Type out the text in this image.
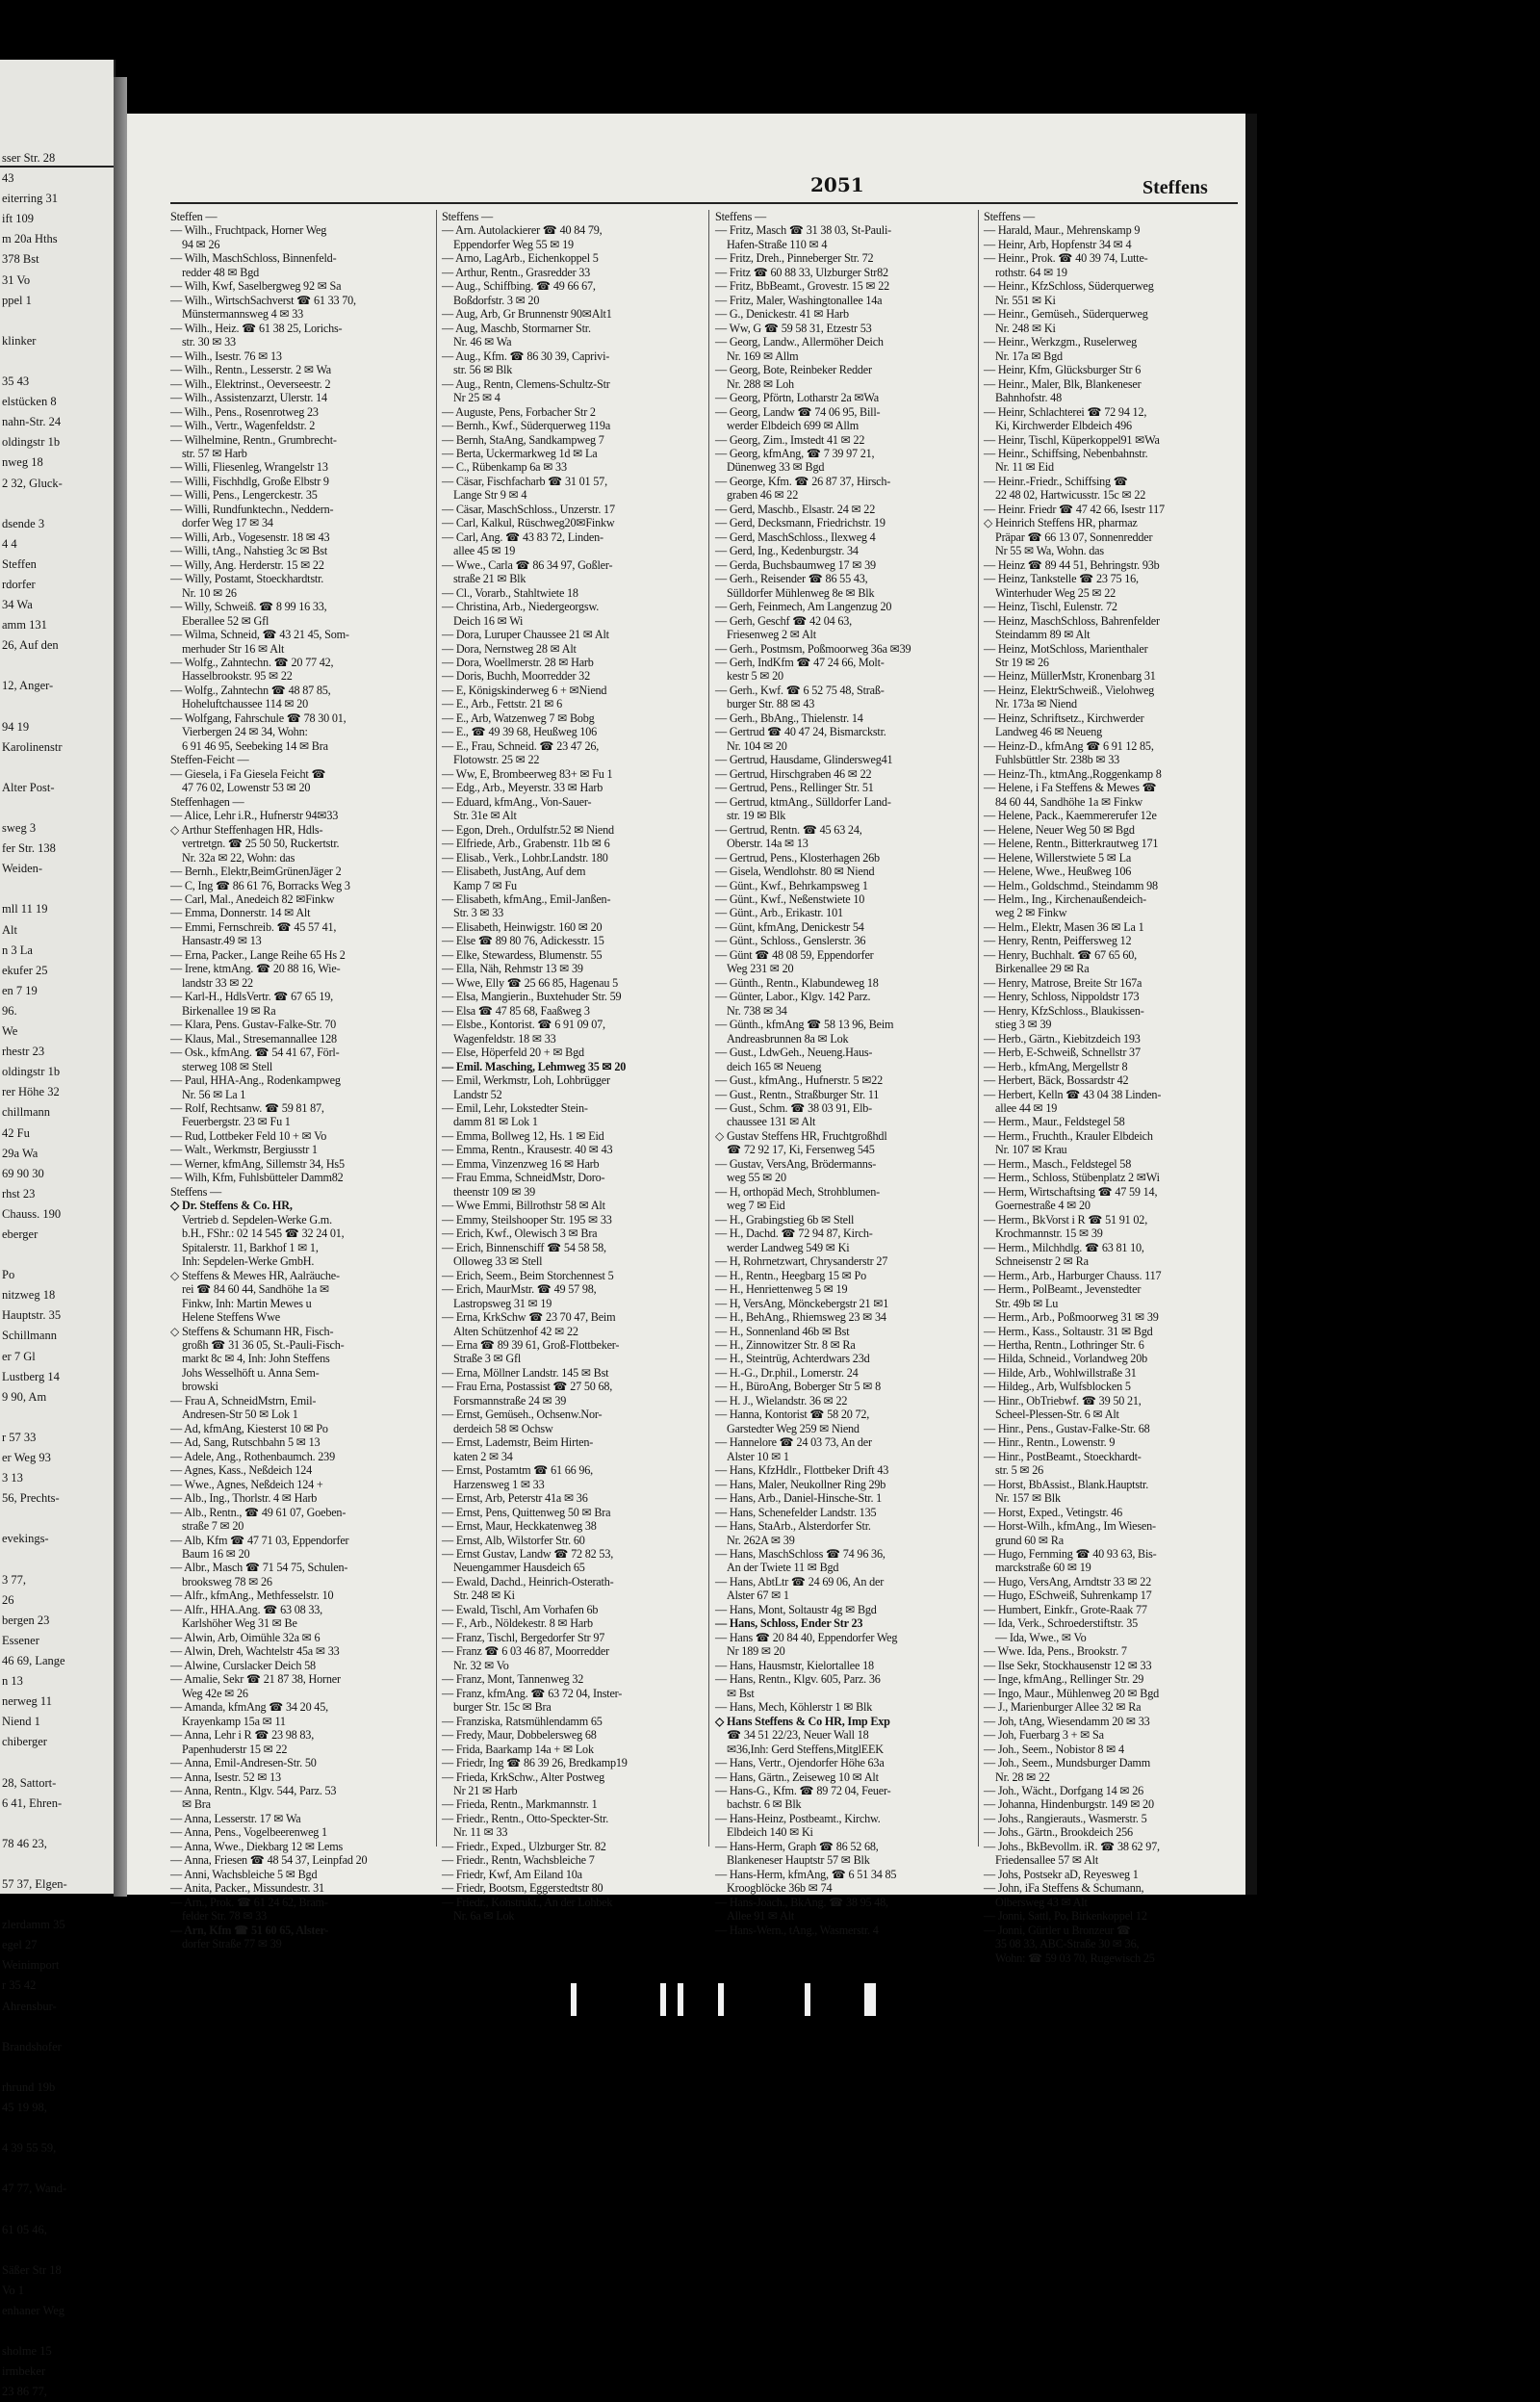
sser Str. 28
43
eiterring 31
ift 109
m 20a Hths
378 Bst
31 Vo
ppel 1

klinker

35 43
elstücken 8
nahn-Str. 24
oldingstr 1b
nweg 18
2 32, Gluck-

dsende 3
4 4
Steffen
rdorfer
34 Wa
amm 131
26, Auf den

12, Anger-

94 19
Karolinenstr

Alter Post-

sweg 3
fer Str. 138
Weiden-

mll 11 19
Alt
n 3 La
ekufer 25
en 7 19
96.
We
rhestr 23
oldingstr 1b
rer Höhe 32
chillmann
42 Fu
29a Wa
69 90 30
rhst 23
Chauss. 190
eberger

Po
nitzweg 18
Hauptstr. 35
Schillmann
er 7 Gl
Lustberg 14
9 90, Am

r 57 33
er Weg 93
3 13
56, Prechts-

evekings-

3 77,
26
bergen 23
Essener
46 69, Lange
n 13
nerweg 11
Niend 1
chiberger

28, Sattort-
6 41, Ehren-

78 46 23,

57 37, Elgen-

zlerdamm 35
egel 27
Weinimport
r 35 42
Ahrensbur-

Brandshofer

rhrund 19b
45 19 98,

4 39 55 59,

47 77, Wand-

61 05 46,

Säßer Str 18
Vo 1
enhaner Weg

sholme 15
irmbeker
23 86 77,
2051	Steffens
Steffen —
— Wilh., Fruchtpack, Horner Weg
94 ✉ 26
— Wilh, MaschSchloss, Binnenfeld-
redder 48 ✉ Bgd
— Wilh, Kwf, Saselbergweg 92 ✉ Sa
— Wilh., WirtschSachverst ☎ 61 33 70,
Münstermannsweg 4 ✉ 33
— Wilh., Heiz. ☎ 61 38 25, Lorichs-
str. 30 ✉ 33
— Wilh., Isestr. 76 ✉ 13
— Wilh., Rentn., Lesserstr. 2 ✉ Wa
— Wilh., Elektrinst., Oeverseestr. 2
— Wilh., Assistenzarzt, Ulerstr. 14
— Wilh., Pens., Rosenrotweg 23
— Wilh., Vertr., Wagenfeldstr. 2
— Wilhelmine, Rentn., Grumbrecht-
str. 57 ✉ Harb
— Willi, Fliesenleg, Wrangelstr 13
— Willi, Fischhdlg, Große Elbstr 9
— Willi, Pens., Lengerckestr. 35
— Willi, Rundfunktechn., Neddern-
dorfer Weg 17 ✉ 34
— Willi, Arb., Vogesenstr. 18 ✉ 43
— Willi, tAng., Nahstieg 3c ✉ Bst
— Willy, Ang. Herderstr. 15 ✉ 22
— Willy, Postamt, Stoeckhardtstr.
Nr. 10 ✉ 26
— Willy, Schweiß. ☎ 8 99 16 33,
Eberallee 52 ✉ Gfl
— Wilma, Schneid, ☎ 43 21 45, Som-
merhuder Str 16 ✉ Alt
— Wolfg., Zahntechn. ☎ 20 77 42,
Hasselbrookstr. 95 ✉ 22
— Wolfg., Zahntechn ☎ 48 87 85,
Hoheluftchaussee 114 ✉ 20
— Wolfgang, Fahrschule ☎ 78 30 01,
Vierbergen 24 ✉ 34, Wohn:
6 91 46 95, Seebeking 14 ✉ Bra
Steffen-Feicht —
— Giesela, i Fa Giesela Feicht ☎
47 76 02, Lowenstr 53 ✉ 20
Steffenhagen —
— Alice, Lehr i.R., Hufnerstr 94✉33
◇ Arthur Steffenhagen HR, Hdls-
vertretgn. ☎ 25 50 50, Ruckertstr.
Nr. 32a ✉ 22, Wohn: das
— Bernh., Elektr,BeimGrünenJäger 2
— C, Ing ☎ 86 61 76, Borracks Weg 3
— Carl, Mal., Anedeich 82 ✉Finkw
— Emma, Donnerstr. 14 ✉ Alt
— Emmi, Fernschreib. ☎ 45 57 41,
Hansastr.49 ✉ 13
— Erna, Packer., Lange Reihe 65 Hs 2
— Irene, ktmAng. ☎ 20 88 16, Wie-
landstr 33 ✉ 22
— Karl-H., HdlsVertr. ☎ 67 65 19,
Birkenallee 19 ✉ Ra
— Klara, Pens. Gustav-Falke-Str. 70
— Klaus, Mal., Stresemannallee 128
— Osk., kfmAng. ☎ 54 41 67, Förl-
sterweg 108 ✉ Stell
— Paul, HHA-Ang., Rodenkampweg
Nr. 56 ✉ La 1
— Rolf, Rechtsanw. ☎ 59 81 87,
Feuerbergstr. 23 ✉ Fu 1
— Rud, Lottbeker Feld 10 + ✉ Vo
— Walt., Werkmstr, Bergiusstr 1
— Werner, kfmAng, Sillemstr 34, Hs5
— Wilh, Kfm, Fuhlsbütteler Damm82
Steffens —
◇ Dr. Steffens & Co. HR,
Vertrieb d. Sepdelen-Werke G.m.
b.H., FShr.: 02 14 545 ☎ 32 24 01,
Spitalerstr. 11, Barkhof 1 ✉ 1,
Inh: Sepdelen-Werke GmbH.
◇ Steffens & Mewes HR, Aalräuche-
rei ☎ 84 60 44, Sandhöhe 1a ✉
Finkw, Inh: Martin Mewes u
Helene Steffens Wwe
◇ Steffens & Schumann HR, Fisch-
großh ☎ 31 36 05, St.-Pauli-Fisch-
markt 8c ✉ 4, Inh: John Steffens
Johs Wesselhöft u. Anna Sem-
browski
— Frau A, SchneidMstrn, Emil-
Andresen-Str 50 ✉ Lok 1
— Ad, kfmAng, Kiesterst 10 ✉ Po
— Ad, Sang, Rutschbahn 5 ✉ 13
— Adele, Ang., Rothenbaumch. 239
— Agnes, Kass., Neßdeich 124
— Wwe., Agnes, Neßdeich 124 +
— Alb., Ing., Thorlstr. 4 ✉ Harb
— Alb., Rentn., ☎ 49 61 07, Goeben-
straße 7 ✉ 20
— Alb, Kfm ☎ 47 71 03, Eppendorfer
Baum 16 ✉ 20
— Albr., Masch ☎ 71 54 75, Schulen-
brooksweg 78 ✉ 26
— Alfr., kfmAng., Methfesselstr. 10
— Alfr., HHA.Ang. ☎ 63 08 33,
Karlshöher Weg 31 ✉ Be
— Alwin, Arb, Oimühle 32a ✉ 6
— Alwin, Dreh, Wachtelstr 45a ✉ 33
— Alwine, Curslacker Deich 58
— Amalie, Sekr ☎ 21 87 38, Horner
Weg 42e ✉ 26
— Amanda, kfmAng ☎ 34 20 45,
Krayenkamp 15a ✉ 11
— Anna, Lehr i R ☎ 23 98 83,
Papenhuderstr 15 ✉ 22
— Anna, Emil-Andresen-Str. 50
— Anna, Isestr. 52 ✉ 13
— Anna, Rentn., Klgv. 544, Parz. 53
✉ Bra
— Anna, Lesserstr. 17 ✉ Wa
— Anna, Pens., Vogelbeerenweg 1
— Anna, Wwe., Diekbarg 12 ✉ Lems
— Anna, Friesen ☎ 48 54 37, Leinpfad 20
— Anni, Wachsbleiche 5 ✉ Bgd
— Anita, Packer., Missundestr. 31
— Arn., Prok. ☎ 61 24 62, Bram-
felder Str. 78 ✉ 33
— Arn, Kfm ☎ 51 60 65, Alster-
dorfer Straße 77 ✉ 39
Steffens —
— Arn. Autolackierer ☎ 40 84 79,
Eppendorfer Weg 55 ✉ 19
— Arno, LagArb., Eichenkoppel 5
— Arthur, Rentn., Grasredder 33
— Aug., Schiffbing. ☎ 49 66 67,
Boßdorfstr. 3 ✉ 20
— Aug, Arb, Gr Brunnenstr 90✉Alt1
— Aug, Maschb, Stormarner Str.
Nr. 46 ✉ Wa
— Aug., Kfm. ☎ 86 30 39, Caprivi-
str. 56 ✉ Blk
— Aug., Rentn, Clemens-Schultz-Str
Nr 25 ✉ 4
— Auguste, Pens, Forbacher Str 2
— Bernh., Kwf., Süderquerweg 119a
— Bernh, StaAng, Sandkampweg 7
— Berta, Uckermarkweg 1d ✉ La
— C., Rübenkamp 6a ✉ 33
— Cäsar, Fischfacharb ☎ 31 01 57,
Lange Str 9 ✉ 4
— Cäsar, MaschSchloss., Unzerstr. 17
— Carl, Kalkul, Rüschweg20✉Finkw
— Carl, Ang. ☎ 43 83 72, Linden-
allee 45 ✉ 19
— Wwe., Carla ☎ 86 34 97, Goßler-
straße 21 ✉ Blk
— Cl., Vorarb., Stahltwiete 18
— Christina, Arb., Niedergeorgsw.
Deich 16 ✉ Wi
— Dora, Luruper Chaussee 21 ✉ Alt
— Dora, Nernstweg 28 ✉ Alt
— Dora, Woellmerstr. 28 ✉ Harb
— Doris, Buchh, Moorredder 32
— E, Königskinderweg 6 + ✉Niend
— E., Arb., Fettstr. 21 ✉ 6
— E., Arb, Watzenweg 7 ✉ Bobg
— E., ☎ 49 39 68, Heußweg 106
— E., Frau, Schneid. ☎ 23 47 26,
Flotowstr. 25 ✉ 22
— Ww, E, Brombeerweg 83+ ✉ Fu 1
— Edg., Arb., Meyerstr. 33 ✉ Harb
— Eduard, kfmAng., Von-Sauer-
Str. 31e ✉ Alt
— Egon, Dreh., Ordulfstr.52 ✉ Niend
— Elfriede, Arb., Grabenstr. 11b ✉ 6
— Elisab., Verk., Lohbr.Landstr. 180
— Elisabeth, JustAng, Auf dem
Kamp 7 ✉ Fu
— Elisabeth, kfmAng., Emil-Janßen-
Str. 3 ✉ 33
— Elisabeth, Heinwigstr. 160 ✉ 20
— Else ☎ 89 80 76, Adickesstr. 15
— Elke, Stewardess, Blumenstr. 55
— Ella, Näh, Rehmstr 13 ✉ 39
— Wwe, Elly ☎ 25 66 85, Hagenau 5
— Elsa, Mangierin., Buxtehuder Str. 59
— Elsa ☎ 47 85 68, Faaßweg 3
— Elsbe., Kontorist. ☎ 6 91 09 07,
Wagenfeldstr. 18 ✉ 33
— Else, Höperfeld 20 + ✉ Bgd
— Emil. Masching, Lehmweg 35 ✉ 20
— Emil, Werkmstr, Loh, Lohbrügger
Landstr 52
— Emil, Lehr, Lokstedter Stein-
damm 81 ✉ Lok 1
— Emma, Bollweg 12, Hs. 1 ✉ Eid
— Emma, Rentn., Krausestr. 40 ✉ 43
— Emma, Vinzenzweg 16 ✉ Harb
— Frau Emma, SchneidMstr, Doro-
theenstr 109 ✉ 39
— Wwe Emmi, Billrothstr 58 ✉ Alt
— Emmy, Steilshooper Str. 195 ✉ 33
— Erich, Kwf., Olewisch 3 ✉ Bra
— Erich, Binnenschiff ☎ 54 58 58,
Olloweg 33 ✉ Stell
— Erich, Seem., Beim Storchennest 5
— Erich, MaurMstr. ☎ 49 57 98,
Lastropsweg 31 ✉ 19
— Erna, KrkSchw ☎ 23 70 47, Beim
Alten Schützenhof 42 ✉ 22
— Erna ☎ 89 39 61, Groß-Flottbeker-
Straße 3 ✉ Gfl
— Erna, Möllner Landstr. 145 ✉ Bst
— Frau Erna, Postassist ☎ 27 50 68,
Forsmannstraße 24 ✉ 39
— Ernst, Gemüseh., Ochsenw.Nor-
derdeich 58 ✉ Ochsw
— Ernst, Lademstr, Beim Hirten-
katen 2 ✉ 34
— Ernst, Postamtm ☎ 61 66 96,
Harzensweg 1 ✉ 33
— Ernst, Arb, Peterstr 41a ✉ 36
— Ernst, Pens, Quittenweg 50 ✉ Bra
— Ernst, Maur, Heckkatenweg 38
— Ernst, Alb, Wilstorfer Str. 60
— Ernst Gustav, Landw ☎ 72 82 53,
Neuengammer Hausdeich 65
— Ewald, Dachd., Heinrich-Osterath-
Str. 248 ✉ Ki
— Ewald, Tischl, Am Vorhafen 6b
— F., Arb., Nöldekestr. 8 ✉ Harb
— Franz, Tischl, Bergedorfer Str 97
— Franz ☎ 6 03 46 87, Moorredder
Nr. 32 ✉ Vo
— Franz, Mont, Tannenweg 32
— Franz, kfmAng. ☎ 63 72 04, Inster-
burger Str. 15c ✉ Bra
— Franziska, Ratsmühlendamm 65
— Fredy, Maur, Dobbelersweg 68
— Frida, Baarkamp 14a + ✉ Lok
— Friedr, Ing ☎ 86 39 26, Bredkamp19
— Frieda, KrkSchw., Alter Postweg
Nr 21 ✉ Harb
— Frieda, Rentn., Markmannstr. 1
— Friedr., Rentn., Otto-Speckter-Str.
Nr. 11 ✉ 33
— Friedr., Exped., Ulzburger Str. 82
— Friedr., Rentn, Wachsbleiche 7
— Friedr, Kwf, Am Eiland 10a
— Friedr, Bootsm, Eggerstedtstr 80
— Friedr., Konstrukt., An der Lohbek
Nr. 6a ✉ Lok
Steffens —
— Fritz, Masch ☎ 31 38 03, St-Pauli-
Hafen-Straße 110 ✉ 4
— Fritz, Dreh., Pinneberger Str. 72
— Fritz ☎ 60 88 33, Ulzburger Str82
— Fritz, BbBeamt., Grovestr. 15 ✉ 22
— Fritz, Maler, Washingtonallee 14a
— G., Denickestr. 41 ✉ Harb
— Ww, G ☎ 59 58 31, Etzestr 53
— Georg, Landw., Allermöher Deich
Nr. 169 ✉ Allm
— Georg, Bote, Reinbeker Redder
Nr. 288 ✉ Loh
— Georg, Pförtn, Lotharstr 2a ✉Wa
— Georg, Landw ☎ 74 06 95, Bill-
werder Elbdeich 699 ✉ Allm
— Georg, Zim., Imstedt 41 ✉ 22
— Georg, kfmAng, ☎ 7 39 97 21,
Dünenweg 33 ✉ Bgd
— George, Kfm. ☎ 26 87 37, Hirsch-
graben 46 ✉ 22
— Gerd, Maschb., Elsastr. 24 ✉ 22
— Gerd, Decksmann, Friedrichstr. 19
— Gerd, MaschSchloss., Ilexweg 4
— Gerd, Ing., Kedenburgstr. 34
— Gerda, Buchsbaumweg 17 ✉ 39
— Gerh., Reisender ☎ 86 55 43,
Sülldorfer Mühlenweg 8e ✉ Blk
— Gerh, Feinmech, Am Langenzug 20
— Gerh, Geschf ☎ 42 04 63,
Friesenweg 2 ✉ Alt
— Gerh., Postmsm, Poßmoorweg 36a ✉39
— Gerh, IndKfm ☎ 47 24 66, Molt-
kestr 5 ✉ 20
— Gerh., Kwf. ☎ 6 52 75 48, Straß-
burger Str. 88 ✉ 43
— Gerh., BbAng., Thielenstr. 14
— Gertrud ☎ 40 47 24, Bismarckstr.
Nr. 104 ✉ 20
— Gertrud, Hausdame, Glindersweg41
— Gertrud, Hirschgraben 46 ✉ 22
— Gertrud, Pens., Rellinger Str. 51
— Gertrud, ktmAng., Sülldorfer Land-
str. 19 ✉ Blk
— Gertrud, Rentn. ☎ 45 63 24,
Oberstr. 14a ✉ 13
— Gertrud, Pens., Klosterhagen 26b
— Gisela, Wendlohstr. 80 ✉ Niend
— Günt., Kwf., Behrkampsweg 1
— Günt., Kwf., Neßenstwiete 10
— Günt., Arb., Erikastr. 101
— Günt, kfmAng, Denickestr 54
— Günt., Schloss., Genslerstr. 36
— Günt ☎ 48 08 59, Eppendorfer
Weg 231 ✉ 20
— Günth., Rentn., Klabundeweg 18
— Günter, Labor., Klgv. 142 Parz.
Nr. 738 ✉ 34
— Günth., kfmAng ☎ 58 13 96, Beim
Andreasbrunnen 8a ✉ Lok
— Gust., LdwGeh., Neueng.Haus-
deich 165 ✉ Neueng
— Gust., kfmAng., Hufnerstr. 5 ✉22
— Gust., Rentn., Straßburger Str. 11
— Gust., Schm. ☎ 38 03 91, Elb-
chaussee 131 ✉ Alt
◇ Gustav Steffens HR, Fruchtgroßhdl
☎ 72 92 17, Ki, Fersenweg 545
— Gustav, VersAng, Brödermanns-
weg 55 ✉ 20
— H, orthopäd Mech, Strohblumen-
weg 7 ✉ Eid
— H., Grabingstieg 6b ✉ Stell
— H., Dachd. ☎ 72 94 87, Kirch-
werder Landweg 549 ✉ Ki
— H, Rohrnetzwart, Chrysanderstr 27
— H., Rentn., Heegbarg 15 ✉ Po
— H., Henriettenweg 5 ✉ 19
— H, VersAng, Mönckebergstr 21 ✉1
— H., BehAng., Rhiemsweg 23 ✉ 34
— H., Sonnenland 46b ✉ Bst
— H., Zinnowitzer Str. 8 ✉ Ra
— H., Steintrüg, Achterdwars 23d
— H.-G., Dr.phil., Lomerstr. 24
— H., BüroAng, Boberger Str 5 ✉ 8
— H. J., Wielandstr. 36 ✉ 22
— Hanna, Kontorist ☎ 58 20 72,
Garstedter Weg 259 ✉ Niend
— Hannelore ☎ 24 03 73, An der
Alster 10 ✉ 1
— Hans, KfzHdlr., Flottbeker Drift 43
— Hans, Maler, Neukollner Ring 29b
— Hans, Arb., Daniel-Hinsche-Str. 1
— Hans, Schenefelder Landstr. 135
— Hans, StaArb., Alsterdorfer Str.
Nr. 262A ✉ 39
— Hans, MaschSchloss ☎ 74 96 36,
An der Twiete 11 ✉ Bgd
— Hans, AbtLtr ☎ 24 69 06, An der
Alster 67 ✉ 1
— Hans, Mont, Soltaustr 4g ✉ Bgd
— Hans, Schloss, Ender Str 23
— Hans ☎ 20 84 40, Eppendorfer Weg
Nr 189 ✉ 20
— Hans, Hausmstr, Kielortallee 18
— Hans, Rentn., Klgv. 605, Parz. 36
✉ Bst
— Hans, Mech, Köhlerstr 1 ✉ Blk
◇ Hans Steffens & Co HR, Imp Exp
☎ 34 51 22/23, Neuer Wall 18
✉36,Inh: Gerd Steffens,MitglEEK
— Hans, Vertr., Ojendorfer Höhe 63a
— Hans, Gärtn., Zeiseweg 10 ✉ Alt
— Hans-G., Kfm. ☎ 89 72 04, Feuer-
bachstr. 6 ✉ Blk
— Hans-Heinz, Postbeamt., Kirchw.
Elbdeich 140 ✉ Ki
— Hans-Herm, Graph ☎ 86 52 68,
Blankeneser Hauptstr 57 ✉ Blk
— Hans-Herm, kfmAng, ☎ 6 51 34 85
Kroogblöcke 36b ✉ 74
— Hans-Joach., BkAng. ☎ 38 95 48,
Allee 91 ✉ Alt
— Hans-Wern., tAng., Wasmerstr. 4
Steffens —
— Harald, Maur., Mehrenskamp 9
— Heinr, Arb, Hopfenstr 34 ✉ 4
— Heinr., Prok. ☎ 40 39 74, Lutte-
rothstr. 64 ✉ 19
— Heinr., KfzSchloss, Süderquerweg
Nr. 551 ✉ Ki
— Heinr., Gemüseh., Süderquerweg
Nr. 248 ✉ Ki
— Heinr., Werkzgm., Ruselerweg
Nr. 17a ✉ Bgd
— Heinr, Kfm, Glücksburger Str 6
— Heinr., Maler, Blk, Blankeneser
Bahnhofstr. 48
— Heinr, Schlachterei ☎ 72 94 12,
Ki, Kirchwerder Elbdeich 496
— Heinr, Tischl, Küperkoppel91 ✉Wa
— Heinr., Schiffsing, Nebenbahnstr.
Nr. 11 ✉ Eid
— Heinr.-Friedr., Schiffsing ☎
22 48 02, Hartwicusstr. 15c ✉ 22
— Heinr. Friedr ☎ 47 42 66, Isestr 117
◇ Heinrich Steffens HR, pharmaz
Präpar ☎ 66 13 07, Sonnenredder
Nr 55 ✉ Wa, Wohn. das
— Heinz ☎ 89 44 51, Behringstr. 93b
— Heinz, Tankstelle ☎ 23 75 16,
Winterhuder Weg 25 ✉ 22
— Heinz, Tischl, Eulenstr. 72
— Heinz, MaschSchloss, Bahrenfelder
Steindamm 89 ✉ Alt
— Heinz, MotSchloss, Marienthaler
Str 19 ✉ 26
— Heinz, MüllerMstr, Kronenbarg 31
— Heinz, ElektrSchweiß., Vielohweg
Nr. 173a ✉ Niend
— Heinz, Schriftsetz., Kirchwerder
Landweg 46 ✉ Neueng
— Heinz-D., kfmAng ☎ 6 91 12 85,
Fuhlsbüttler Str. 238b ✉ 33
— Heinz-Th., ktmAng.,Roggenkamp 8
— Helene, i Fa Steffens & Mewes ☎
84 60 44, Sandhöhe 1a ✉ Finkw
— Helene, Pack., Kaemmererufer 12e
— Helene, Neuer Weg 50 ✉ Bgd
— Helene, Rentn., Bitterkrautweg 171
— Helene, Willerstwiete 5 ✉ La
— Helene, Wwe., Heußweg 106
— Helm., Goldschmd., Steindamm 98
— Helm., Ing., Kirchenaußendeich-
weg 2 ✉ Finkw
— Helm., Elektr, Masen 36 ✉ La 1
— Henry, Rentn, Peiffersweg 12
— Henry, Buchhalt. ☎ 67 65 60,
Birkenallee 29 ✉ Ra
— Henry, Matrose, Breite Str 167a
— Henry, Schloss, Nippoldstr 173
— Henry, KfzSchloss., Blaukissen-
stieg 3 ✉ 39
— Herb., Gärtn., Kiebitzdeich 193
— Herb, E-Schweiß, Schnellstr 37
— Herb., kfmAng, Mergellstr 8
— Herbert, Bäck, Bossardstr 42
— Herbert, Kelln ☎ 43 04 38 Linden-
allee 44 ✉ 19
— Herm., Maur., Feldstegel 58
— Herm., Fruchth., Krauler Elbdeich
Nr. 107 ✉ Krau
— Herm., Masch., Feldstegel 58
— Herm., Schloss, Stübenplatz 2 ✉Wi
— Herm, Wirtschaftsing ☎ 47 59 14,
Goernestraße 4 ✉ 20
— Herm., BkVorst i R ☎ 51 91 02,
Krochmannstr. 15 ✉ 39
— Herm., Milchhdlg. ☎ 63 81 10,
Schneisenstr 2 ✉ Ra
— Herm., Arb., Harburger Chauss. 117
— Herm., PolBeamt., Jevenstedter
Str. 49b ✉ Lu
— Herm., Arb., Poßmoorweg 31 ✉ 39
— Herm., Kass., Soltaustr. 31 ✉ Bgd
— Hertha, Rentn., Lothringer Str. 6
— Hilda, Schneid., Vorlandweg 20b
— Hilde, Arb., Wohlwillstraße 31
— Hildeg., Arb, Wulfsblocken 5
— Hinr., ObTriebwf. ☎ 39 50 21,
Scheel-Plessen-Str. 6 ✉ Alt
— Hinr., Pens., Gustav-Falke-Str. 68
— Hinr., Rentn., Lowenstr. 9
— Hinr., PostBeamt., Stoeckhardt-
str. 5 ✉ 26
— Horst, BbAssist., Blank.Hauptstr.
Nr. 157 ✉ Blk
— Horst, Exped., Vetingstr. 46
— Horst-Wilh., kfmAng., Im Wiesen-
grund 60 ✉ Ra
— Hugo, Fernming ☎ 40 93 63, Bis-
marckstraße 60 ✉ 19
— Hugo, VersAng, Arndtstr 33 ✉ 22
— Hugo, ESchweiß, Suhrenkamp 17
— Humbert, Einkfr., Grote-Raak 77
— Ida, Verk., Schroederstiftstr. 35
— Ida, Wwe., ✉ Vo
— Wwe. Ida, Pens., Brookstr. 7
— Ilse Sekr, Stockhausenstr 12 ✉ 33
— Inge, kfmAng., Rellinger Str. 29
— Ingo, Maur., Mühlenweg 20 ✉ Bgd
— J., Marienburger Allee 32 ✉ Ra
— Joh, tAng, Wiesendamm 20 ✉ 33
— Joh, Fuerbarg 3 + ✉ Sa
— Joh., Seem., Nobistor 8 ✉ 4
— Joh., Seem., Mundsburger Damm
Nr. 28 ✉ 22
— Joh., Wächt., Dorfgang 14 ✉ 26
— Johanna, Hindenburgstr. 149 ✉ 20
— Johs., Rangierauts., Wasmerstr. 5
— Johs., Gärtn., Brookdeich 256
— Johs., BkBevollm. iR. ☎ 38 62 97,
Friedensallee 57 ✉ Alt
— Johs, Postsekr aD, Reyesweg 1
— John, iFa Steffens & Schumann,
Olbersweg 43 ✉ Alt
— Jonni, Sattl, Po, Birkenkoppel 12
— Jonni, Gürtler u Bronzeur ☎
35 08 33, ABC-Straße 30 ✉ 36,
Wohn: ☎ 59 03 70, Rugewisch 25
